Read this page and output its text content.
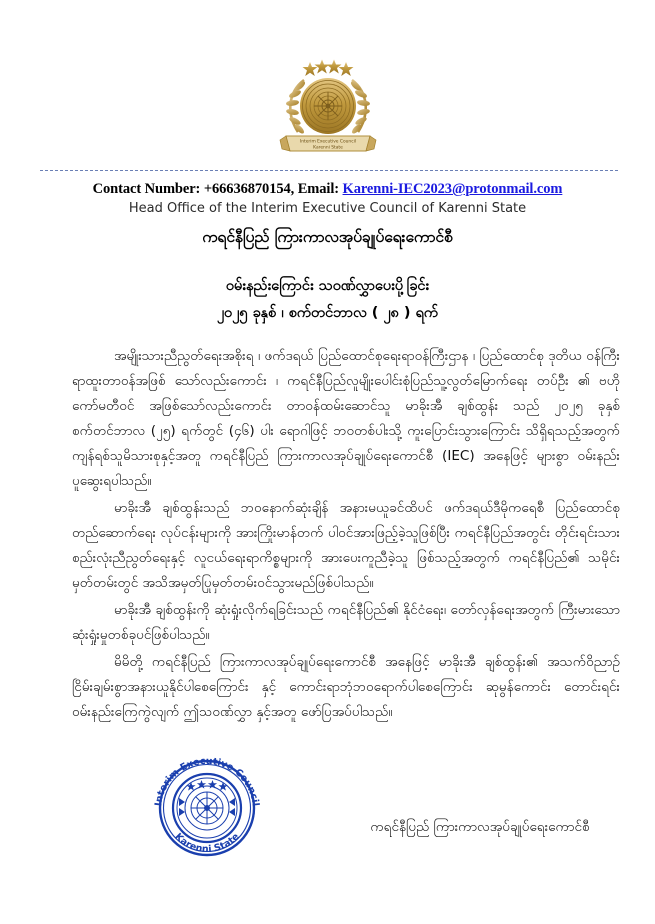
Interim Executive Council
Karenni State
Contact Number: +66636870154, Email: Karenni-IEC2023@protonmail.com
Head Office of the Interim Executive Council of Karenni State
ကရင်နီပြည် ကြားကာလအုပ်ချုပ်ရေးကောင်စီ
ဝမ်းနည်းကြောင်း သဝဏ်လွှာပေးပို့ခြင်း
၂၀၂၅ ခုနှစ် ၊ စက်တင်ဘာလ ( ၂၈ ) ရက်

အမျိုးသားညီညွတ်ရေးအစိုးရ ၊ ဖက်ဒရယ် ပြည်ထောင်စုရေးရာဝန်ကြီးဌာန ၊ ပြည်ထောင်စု ဒုတိယ ဝန်ကြီး ရာထူးတာဝန်အဖြစ် သော်လည်းကောင်း ၊ ကရင်နီပြည်လူမျိုးပေါင်းစုံပြည်သူ့လွတ်မြောက်ရေး တပ်ဦး ၏ ဗဟိုကော်မတီဝင် အဖြစ်သော်လည်းကောင်း တာဝန်ထမ်းဆောင်သူ မာခိုးအီ ချစ်ထွန်း သည် ၂၀၂၅ ခုနှစ် စက်တင်ဘာလ (၂၅) ရက်တွင် (၄၆) ပါး ရောဂါဖြင့် ဘဝတစ်ပါးသို့ ကူးပြောင်းသွားကြောင်း သိရှိရသည့်အတွက် ကျန်ရစ်သူမိသားစုနှင့်အတူ ကရင်နီပြည် ကြားကာလအုပ်ချုပ်ရေးကောင်စီ (IEC) အနေဖြင့် များစွာ ဝမ်းနည်းပူဆွေးရပါသည်။

မာခိုးအီ ချစ်ထွန်းသည် ဘဝနောက်ဆုံးချိန် အနားမယူခင်ထိပင် ဖက်ဒရယ်ဒီမိုကရေစီ ပြည်ထောင်စု တည်ဆောက်ရေး လုပ်ငန်းများကို အားကြိုးမာန်တက် ပါဝင်အားဖြည့်ခဲ့သူဖြစ်ပြီး ကရင်နီပြည်အတွင်း တိုင်းရင်းသားစည်းလုံးညီညွတ်ရေးနှင့် လူငယ်ရေးရာကိစ္စများကို အားပေးကူညီခဲ့သူ ဖြစ်သည့်အတွက် ကရင်နီပြည်၏ သမိုင်းမှတ်တမ်းတွင် အသိအမှတ်ပြုမှတ်တမ်းဝင်သွားမည်ဖြစ်ပါသည်။

မာခိုးအီ ချစ်ထွန်းကို ဆုံးရှုံးလိုက်ရခြင်းသည် ကရင်နီပြည်၏ နိုင်ငံရေး၊ တော်လှန်ရေးအတွက် ကြီးမားသော ဆုံးရှုံးမှုတစ်ခုပင်ဖြစ်ပါသည်။

မိမိတို့ ကရင်နီပြည် ကြားကာလအုပ်ချုပ်ရေးကောင်စီ အနေဖြင့် မာခိုးအီ ချစ်ထွန်း၏ အသက်ဝိညာဉ် ငြိမ်းချမ်းစွာအနားယူနိုင်ပါစေကြောင်း နှင့် ကောင်းရာဘုံဘဝရောက်ပါစေကြောင်း ဆုမွန်ကောင်း တောင်းရင်း ဝမ်းနည်းကြေကွဲလျက် ဤသဝဏ်လွှာ နှင့်အတူ ဖော်ပြအပ်ပါသည်။

Interim Executive Council
Karenni State
ကရင်နီပြည် ကြားကာလအုပ်ချုပ်ရေးကောင်စီ
